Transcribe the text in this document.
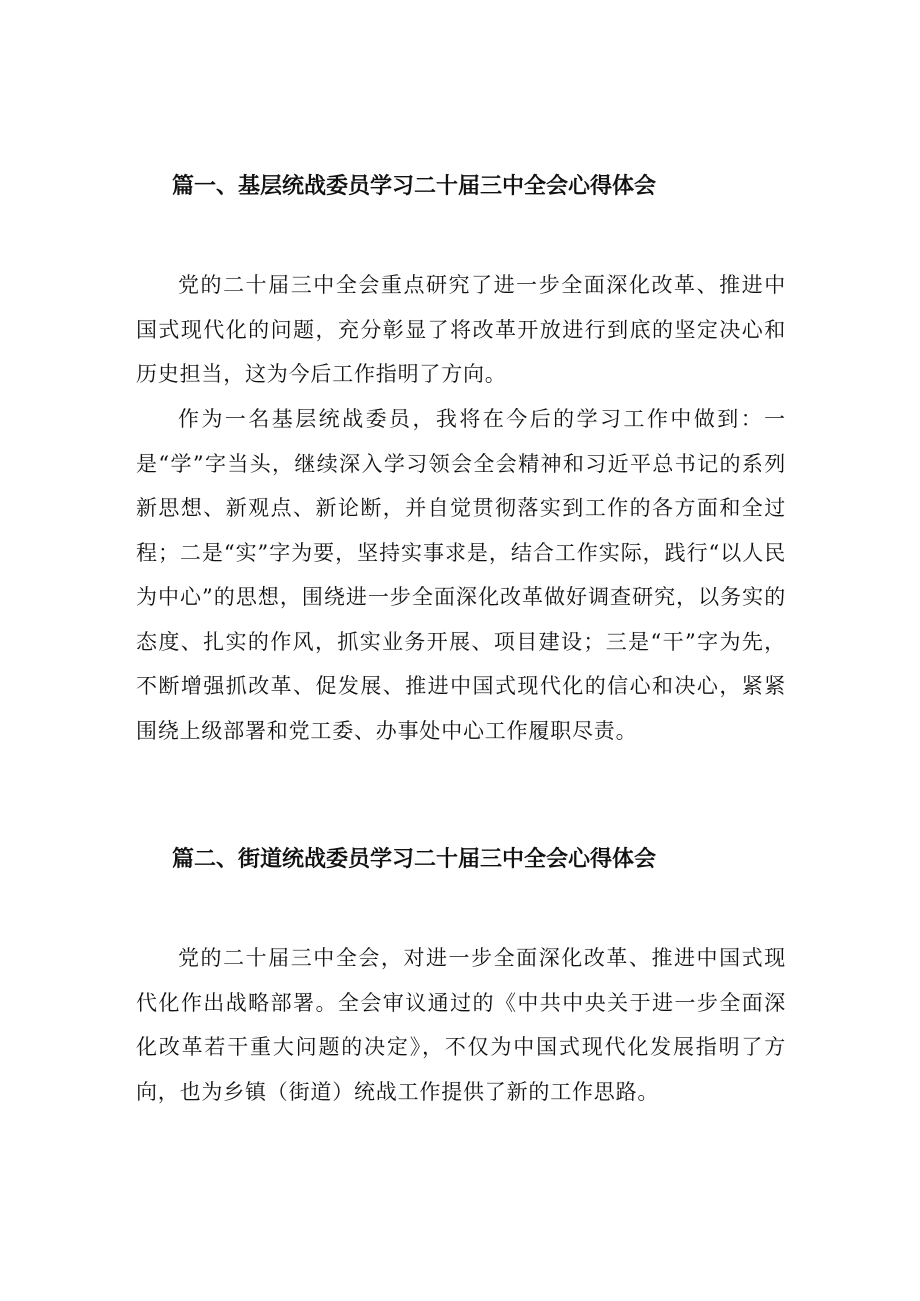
篇一、基层统战委员学习二十届三中全会心得体会

党的二十届三中全会重点研究了进一步全面深化改革、推进中国式现代化的问题，充分彰显了将改革开放进行到底的坚定决心和历史担当，这为今后工作指明了方向。

作为一名基层统战委员，我将在今后的学习工作中做到：一是“学”字当头，继续深入学习领会全会精神和习近平总书记的系列新思想、新观点、新论断，并自觉贯彻落实到工作的各方面和全过程；二是“实”字为要，坚持实事求是，结合工作实际，践行“以人民为中心”的思想，围绕进一步全面深化改革做好调查研究，以务实的态度、扎实的作风，抓实业务开展、项目建设；三是“干”字为先，不断增强抓改革、促发展、推进中国式现代化的信心和决心，紧紧围绕上级部署和党工委、办事处中心工作履职尽责。

篇二、街道统战委员学习二十届三中全会心得体会

党的二十届三中全会，对进一步全面深化改革、推进中国式现代化作出战略部署。全会审议通过的《中共中央关于进一步全面深化改革若干重大问题的决定》，不仅为中国式现代化发展指明了方向，也为乡镇（街道）统战工作提供了新的工作思路。
